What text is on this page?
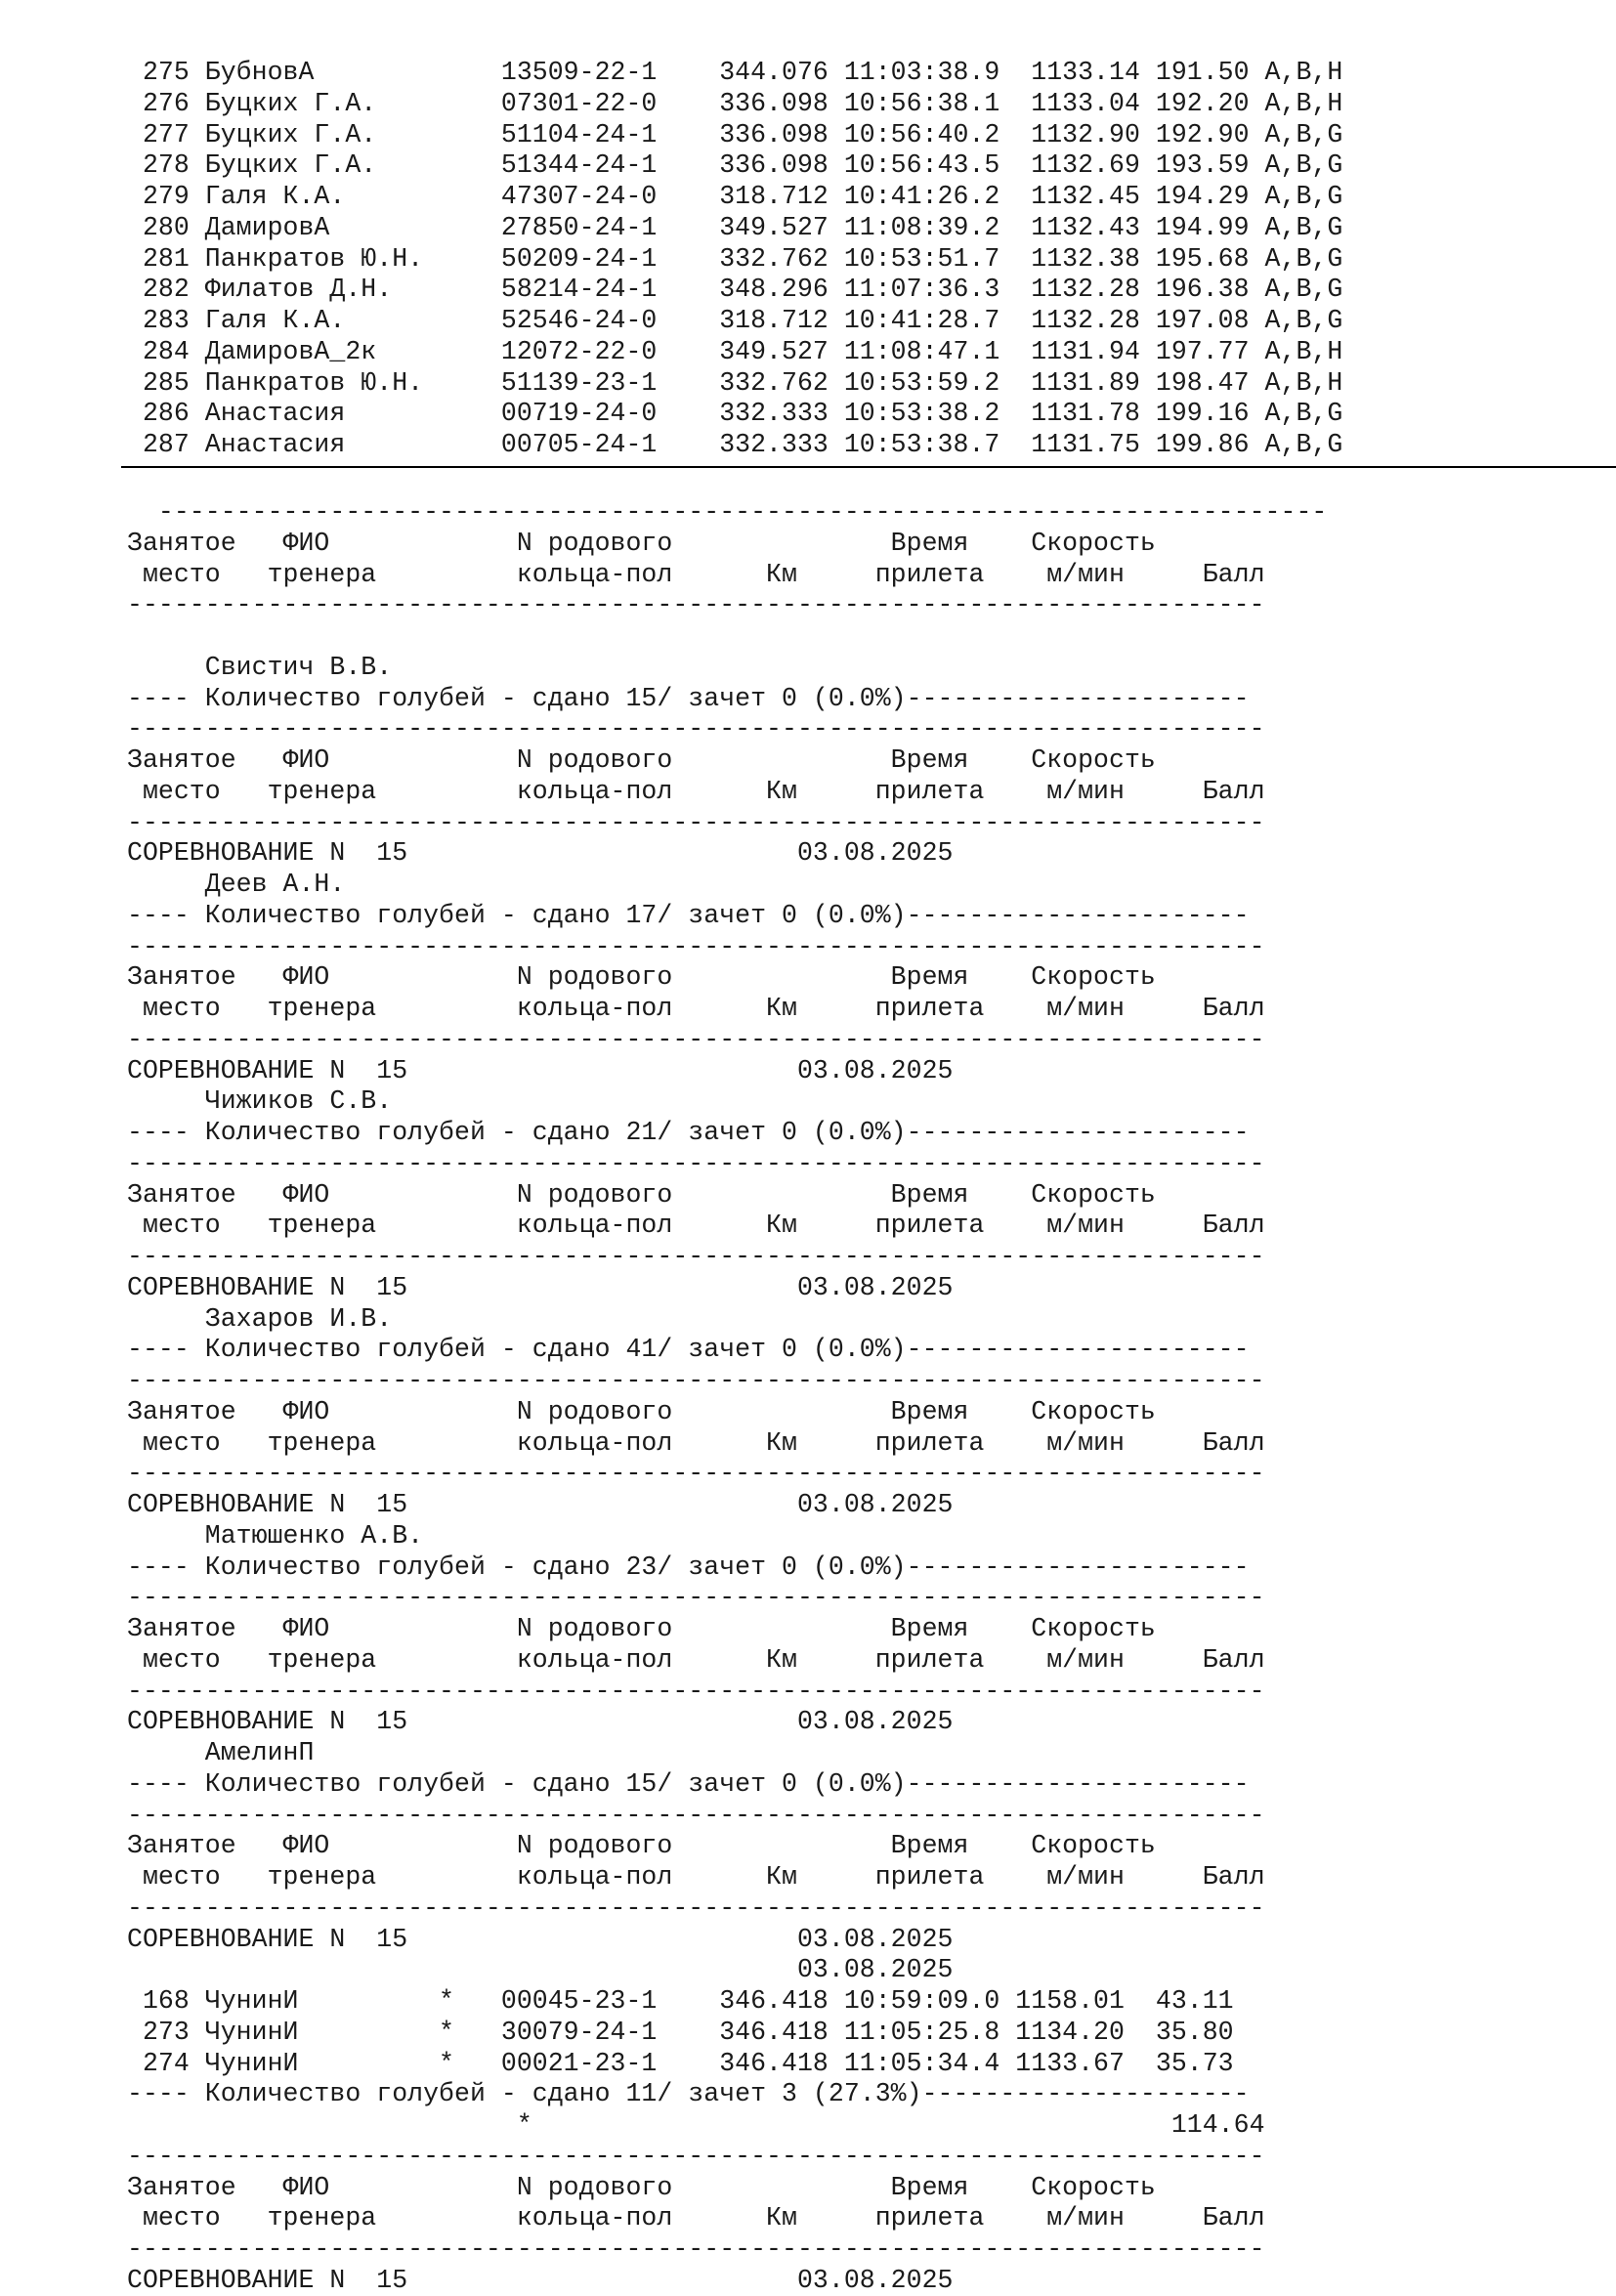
275 БубновА            13509-22-1    344.076 11:03:38.9  1133.14 191.50 A,B,H
276 Буцких Г.А.        07301-22-0    336.098 10:56:38.1  1133.04 192.20 A,B,H
277 Буцких Г.А.        51104-24-1    336.098 10:56:40.2  1132.90 192.90 A,B,G
278 Буцких Г.А.        51344-24-1    336.098 10:56:43.5  1132.69 193.59 A,B,G
279 Галя К.А.          47307-24-0    318.712 10:41:26.2  1132.45 194.29 A,B,G
280 ДамировА           27850-24-1    349.527 11:08:39.2  1132.43 194.99 A,B,G
281 Панкратов Ю.Н.     50209-24-1    332.762 10:53:51.7  1132.38 195.68 A,B,G
282 Филатов Д.Н.       58214-24-1    348.296 11:07:36.3  1132.28 196.38 A,B,G
283 Галя К.А.          52546-24-0    318.712 10:41:28.7  1132.28 197.08 A,B,G
284 ДамировА_2к        12072-22-0    349.527 11:08:47.1  1131.94 197.77 A,B,H
285 Панкратов Ю.Н.     51139-23-1    332.762 10:53:59.2  1131.89 198.47 A,B,H
286 Анастасия          00719-24-0    332.333 10:53:38.2  1131.78 199.16 A,B,G
287 Анастасия          00705-24-1    332.333 10:53:38.7  1131.75 199.86 A,B,G
---------------------------------------------------------------------------
Занятое   ФИО            N родового              Время    Скорость
место   тренера         кольца-пол      Км     прилета    м/мин     Балл
-------------------------------------------------------------------------
Свистич В.В.
---- Количество голубей - сдано 15/ зачет 0 (0.0%)----------------------
-------------------------------------------------------------------------
Занятое   ФИО            N родового              Время    Скорость
место   тренера         кольца-пол      Км     прилета    м/мин     Балл
-------------------------------------------------------------------------
СОРЕВНОВАНИЕ N  15                         03.08.2025
Деев А.Н.
---- Количество голубей - сдано 17/ зачет 0 (0.0%)----------------------
-------------------------------------------------------------------------
Занятое   ФИО            N родового              Время    Скорость
место   тренера         кольца-пол      Км     прилета    м/мин     Балл
-------------------------------------------------------------------------
СОРЕВНОВАНИЕ N  15                         03.08.2025
Чижиков С.В.
---- Количество голубей - сдано 21/ зачет 0 (0.0%)----------------------
-------------------------------------------------------------------------
Занятое   ФИО            N родового              Время    Скорость
место   тренера         кольца-пол      Км     прилета    м/мин     Балл
-------------------------------------------------------------------------
СОРЕВНОВАНИЕ N  15                         03.08.2025
Захаров И.В.
---- Количество голубей - сдано 41/ зачет 0 (0.0%)----------------------
-------------------------------------------------------------------------
Занятое   ФИО            N родового              Время    Скорость
место   тренера         кольца-пол      Км     прилета    м/мин     Балл
-------------------------------------------------------------------------
СОРЕВНОВАНИЕ N  15                         03.08.2025
Матюшенко А.В.
---- Количество голубей - сдано 23/ зачет 0 (0.0%)----------------------
-------------------------------------------------------------------------
Занятое   ФИО            N родового              Время    Скорость
место   тренера         кольца-пол      Км     прилета    м/мин     Балл
-------------------------------------------------------------------------
СОРЕВНОВАНИЕ N  15                         03.08.2025
АмелинП
---- Количество голубей - сдано 15/ зачет 0 (0.0%)----------------------
-------------------------------------------------------------------------
Занятое   ФИО            N родового              Время    Скорость
место   тренера         кольца-пол      Км     прилета    м/мин     Балл
-------------------------------------------------------------------------
СОРЕВНОВАНИЕ N  15                         03.08.2025
03.08.2025
168 ЧунинИ         *   00045-23-1    346.418 10:59:09.0 1158.01  43.11
273 ЧунинИ         *   30079-24-1    346.418 11:05:25.8 1134.20  35.80
274 ЧунинИ         *   00021-23-1    346.418 11:05:34.4 1133.67  35.73
---- Количество голубей - сдано 11/ зачет 3 (27.3%)---------------------
*                                         114.64
-------------------------------------------------------------------------
Занятое   ФИО            N родового              Время    Скорость
место   тренера         кольца-пол      Км     прилета    м/мин     Балл
-------------------------------------------------------------------------
СОРЕВНОВАНИЕ N  15                         03.08.2025
